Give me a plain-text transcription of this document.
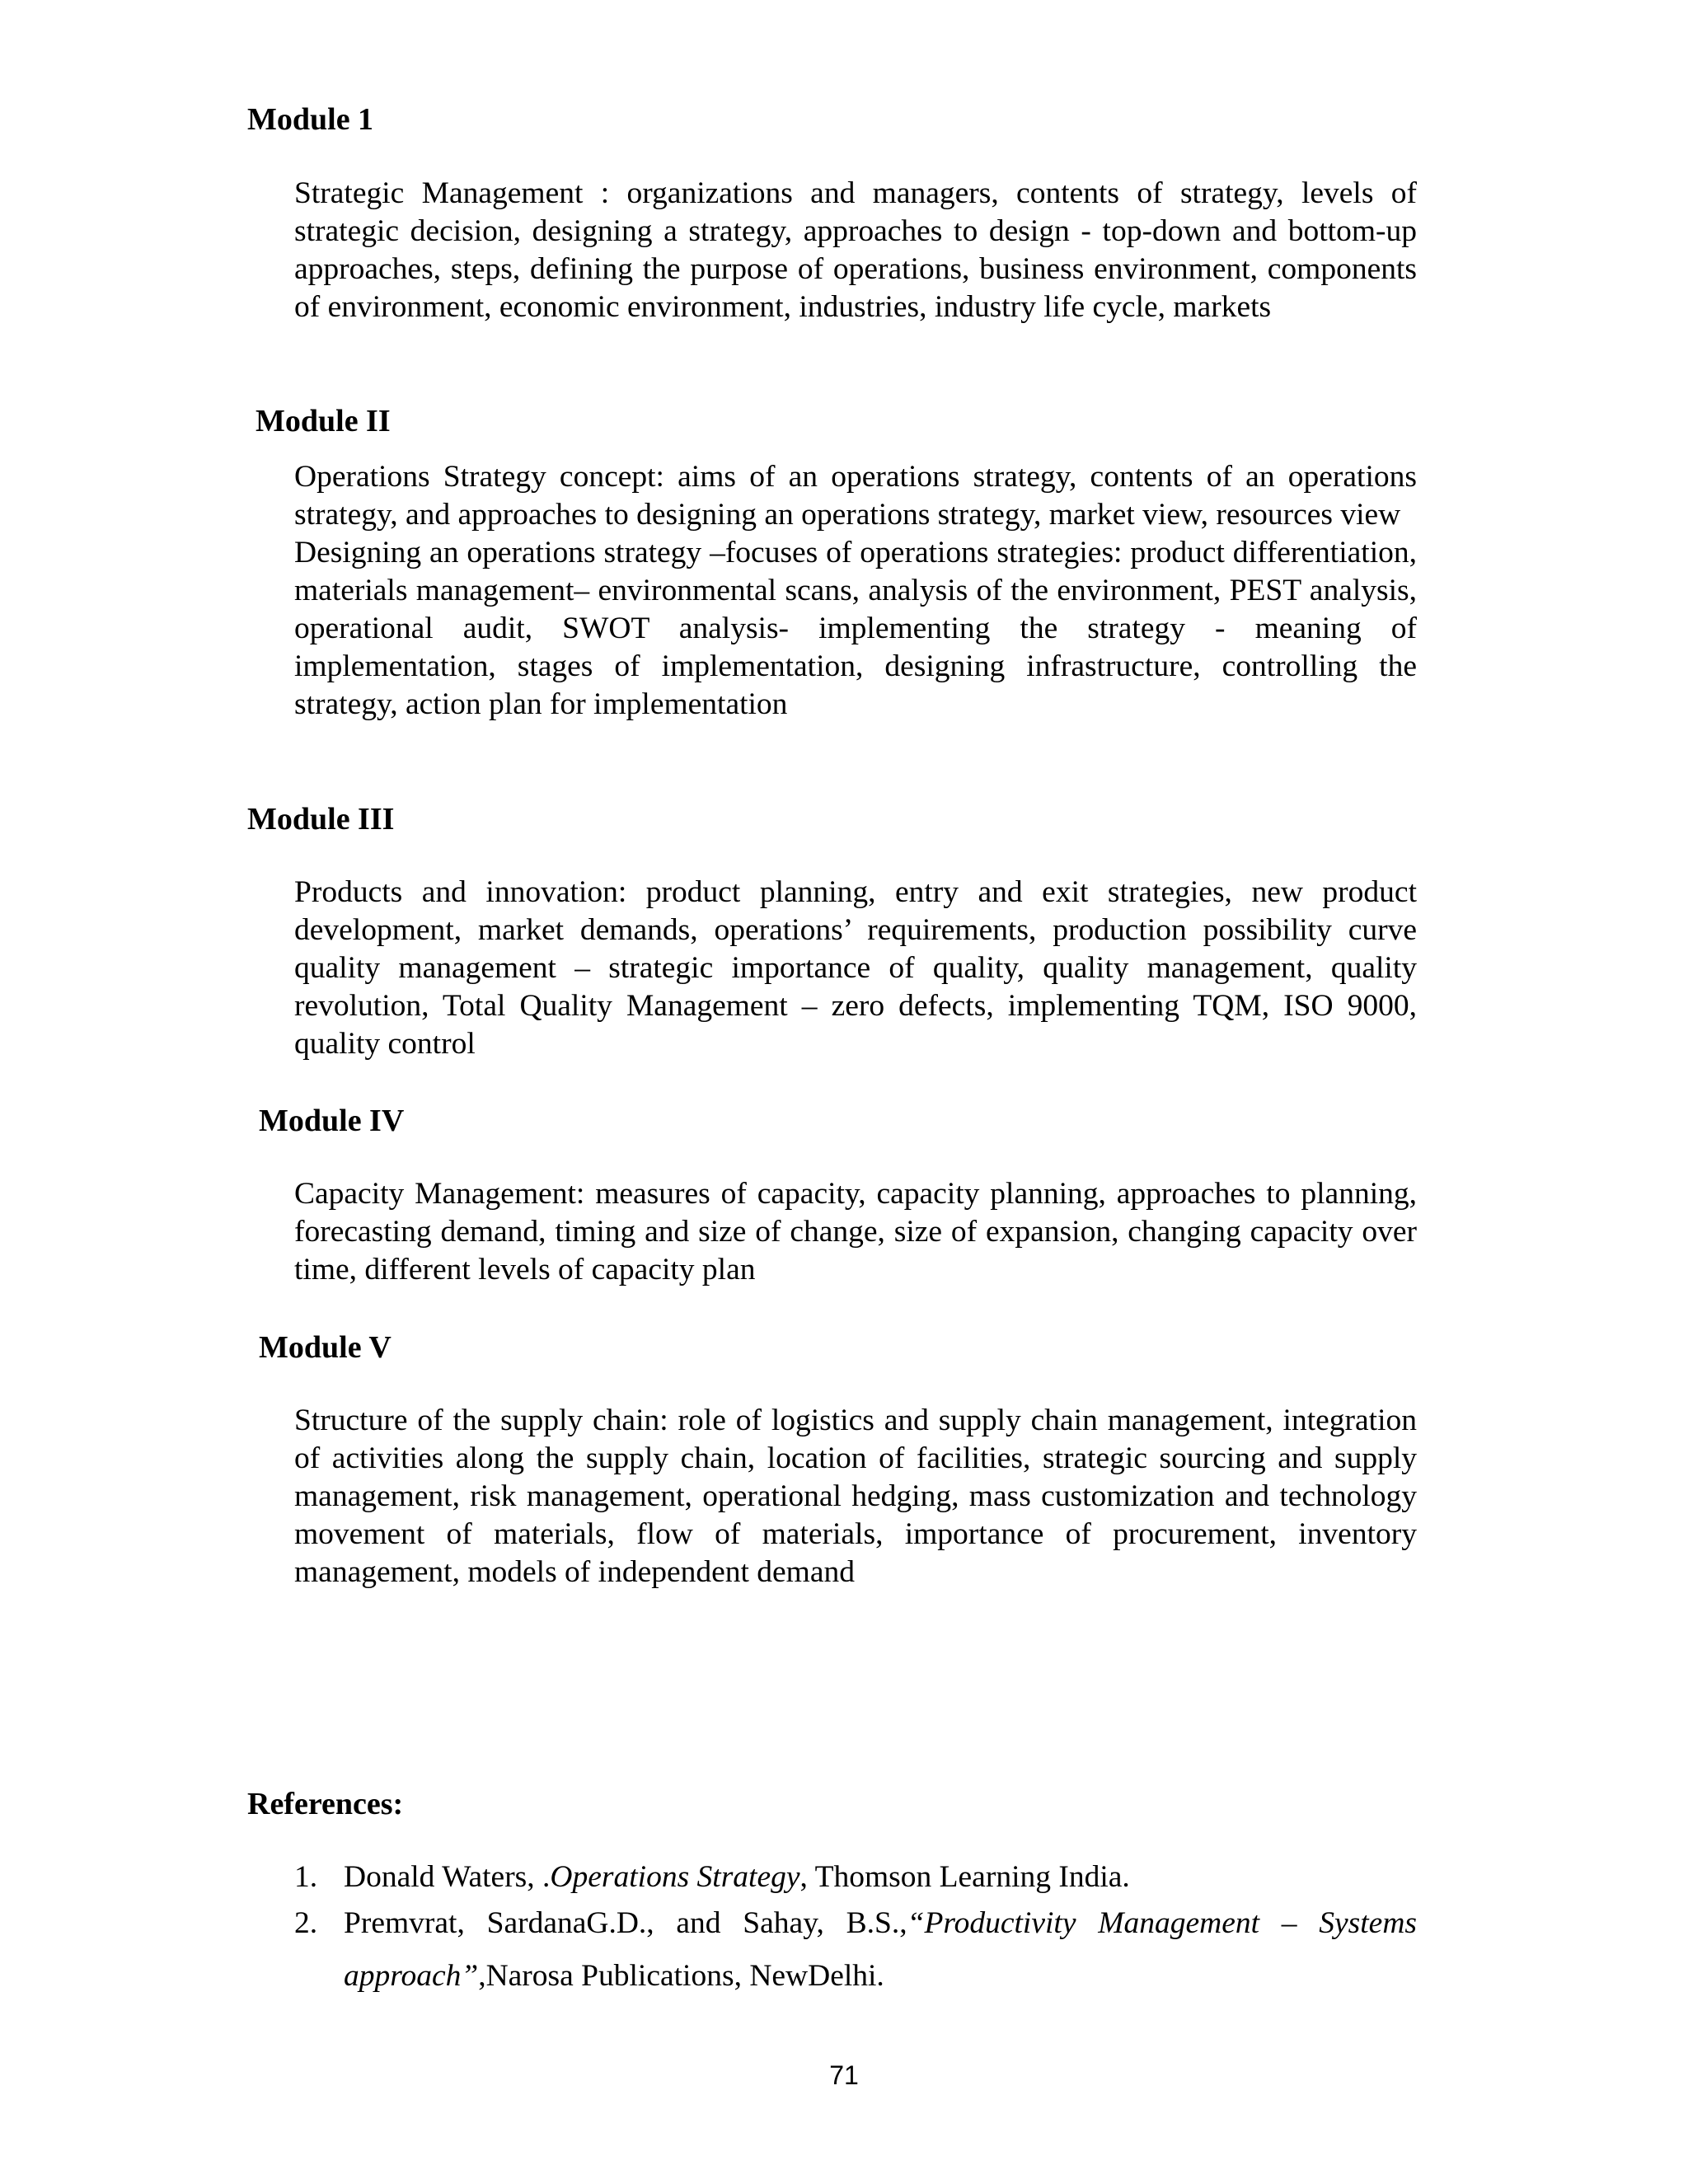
Module 1

Strategic Management : organizations and managers, contents of strategy, levels of strategic decision, designing a strategy, approaches to design - top-down and bottom-up approaches, steps, defining the purpose of operations, business environment, components of environment, economic environment, industries, industry life cycle, markets

Module II

Operations Strategy concept: aims of an operations strategy, contents of an operations strategy, and approaches to designing an operations strategy, market view, resources view

Designing an operations strategy –focuses of operations strategies: product differentiation, materials management– environmental scans, analysis of the environment, PEST analysis, operational audit, SWOT analysis- implementing the strategy - meaning of implementation, stages of implementation, designing infrastructure, controlling the strategy, action plan for implementation

Module III

Products and innovation: product planning, entry and exit strategies, new product development, market demands, operations’ requirements, production possibility curve quality management – strategic importance of quality, quality management, quality revolution, Total Quality Management – zero defects, implementing TQM, ISO 9000, quality control

Module IV

Capacity Management: measures of capacity, capacity planning, approaches to planning, forecasting demand, timing and size of change, size of expansion, changing capacity over time, different levels of capacity plan

Module V

Structure of the supply chain: role of logistics and supply chain management, integration of activities along the supply chain, location of facilities, strategic sourcing and supply management, risk management, operational hedging, mass customization and technology movement of materials, flow of materials, importance of procurement, inventory management, models of independent demand

References:
1. Donald Waters, .Operations Strategy, Thomson Learning India.
2. Premvrat, SardanaG.D., and Sahay, B.S.,“Productivity Management – Systems approach”,Narosa Publications, NewDelhi.
71
